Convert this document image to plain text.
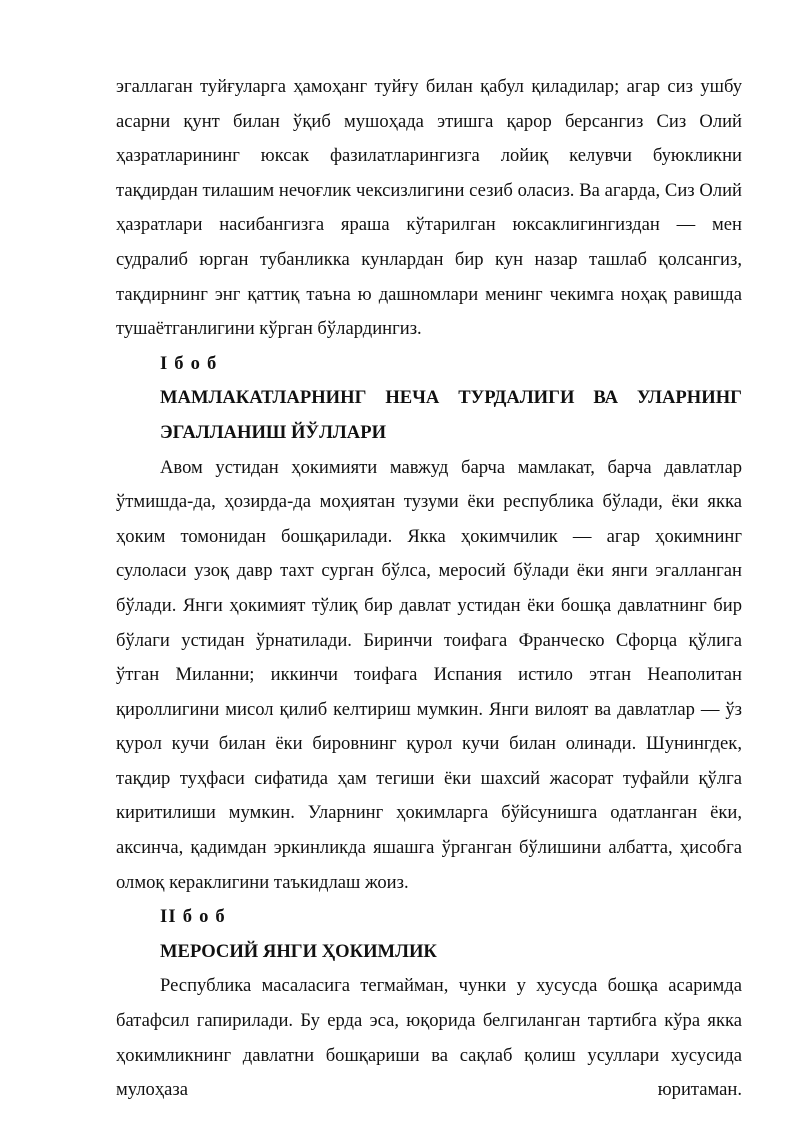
эгаллаган туйғуларга ҳамоҳанг туйғу билан қабул қиладилар; агар сиз ушбу асарни қунт билан ўқиб мушоҳада этишга қарор берсангиз Сиз Олий ҳазратларининг юксак фазилатларингизга лойиқ келувчи буюкликни тақдирдан тилашим нечоғлик чексизлигини сезиб оласиз. Ва агарда, Сиз Олий ҳазратлари насибангизга яраша кўтарилган юксаклигингиздан — мен судралиб юрган тубанликка кунлардан бир кун назар ташлаб қолсангиз, тақдирнинг энг қаттиқ таъна ю дашномлари менинг чекимга ноҳақ равишда тушаётганлигини кўрган бўлардингиз.

I б о б

МАМЛАКАТЛАРНИНГ НЕЧА ТУРДАЛИГИ ВА УЛАРНИНГ ЭГАЛЛАНИШ ЙЎЛЛАРИ

Авом устидан ҳокимияти мавжуд барча мамлакат, барча давлатлар ўтмишда-да, ҳозирда-да моҳиятан тузуми ёки республика бўлади, ёки якка ҳоким томонидан бошқарилади. Якка ҳокимчилик — агар ҳокимнинг сулоласи узоқ давр тахт сурган бўлса, меросий бўлади ёки янги эгалланган бўлади. Янги ҳокимият тўлиқ бир давлат устидан ёки бошқа давлатнинг бир бўлаги устидан ўрнатилади. Биринчи тоифага Франческо Сфорца қўлига ўтган Миланни; иккинчи тоифага Испания истило этган Неаполитан қироллигини мисол қилиб келтириш мумкин. Янги вилоят ва давлатлар — ўз қурол кучи билан ёки бировнинг қурол кучи билан олинади. Шунингдек, тақдир туҳфаси сифатида ҳам тегиши ёки шахсий жасорат туфайли қўлга киритилиши мумкин. Уларнинг ҳокимларга бўйсунишга одатланган ёки, аксинча, қадимдан эркинликда яшашга ўрганган бўлишини албатта, ҳисобга олмоқ кераклигини таъкидлаш жоиз.

II б о б

МЕРОСИЙ ЯНГИ ҲОКИМЛИК

Республика масаласига тегмайман, чунки у хусусда бошқа асаримда батафсил гапирилади. Бу ерда эса, юқорида белгиланган тартибга кўра якка ҳокимликнинг давлатни бошқариши ва сақлаб қолиш усуллари хусусида мулоҳаза юритаман.
